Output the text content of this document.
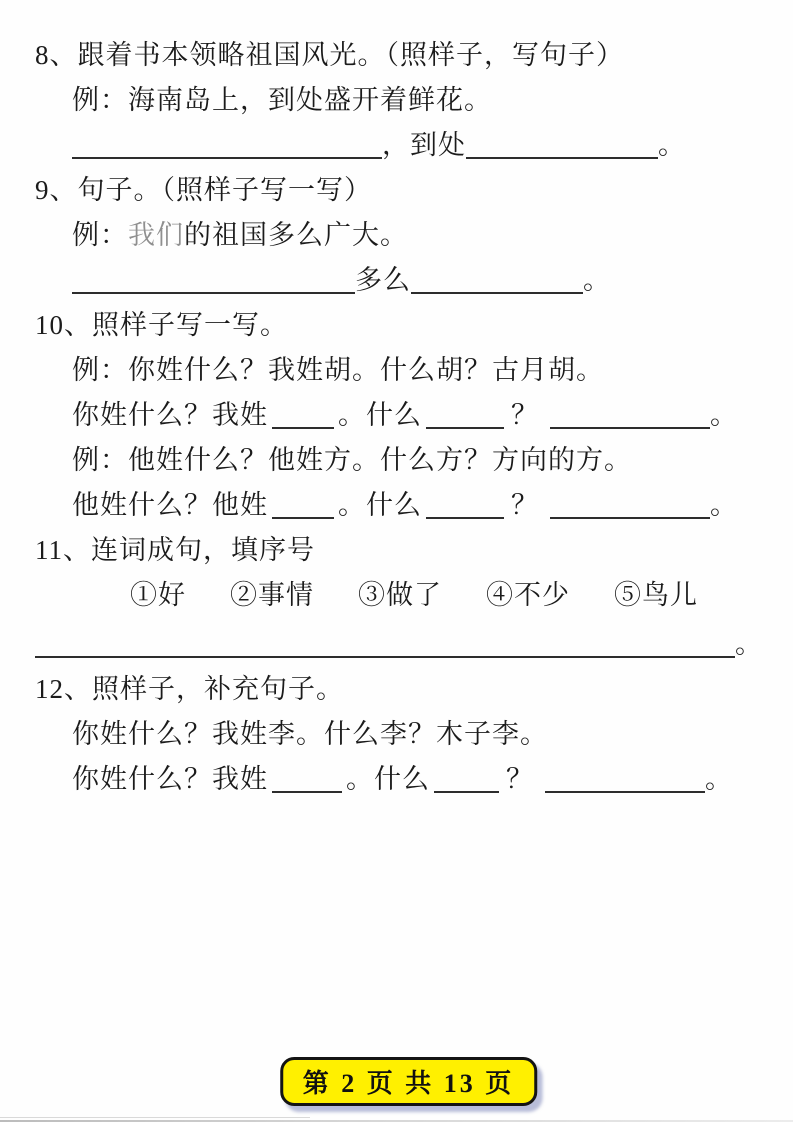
8、跟着书本领略祖国风光。（照样子，写句子）
例：海南岛上，到处盛开着鲜花。
，到处	。
9、句子。（照样子写一写）
例：我们的祖国多么广大。
多么	。
10、照样子写一写。
例：你姓什么？我姓胡。什么胡？古月胡。
你姓什么？我姓	。什么	？	。
例：他姓什么？他姓方。什么方？方向的方。
他姓什么？他姓	。什么	？	。
11、连词成句，填序号
①好 ②事情 ③做了 ④不少 ⑤鸟儿
。
12、照样子，补充句子。
你姓什么？我姓李。什么李？木子李。
你姓什么？我姓	。什么	？	。
第 2 页 共 13 页
